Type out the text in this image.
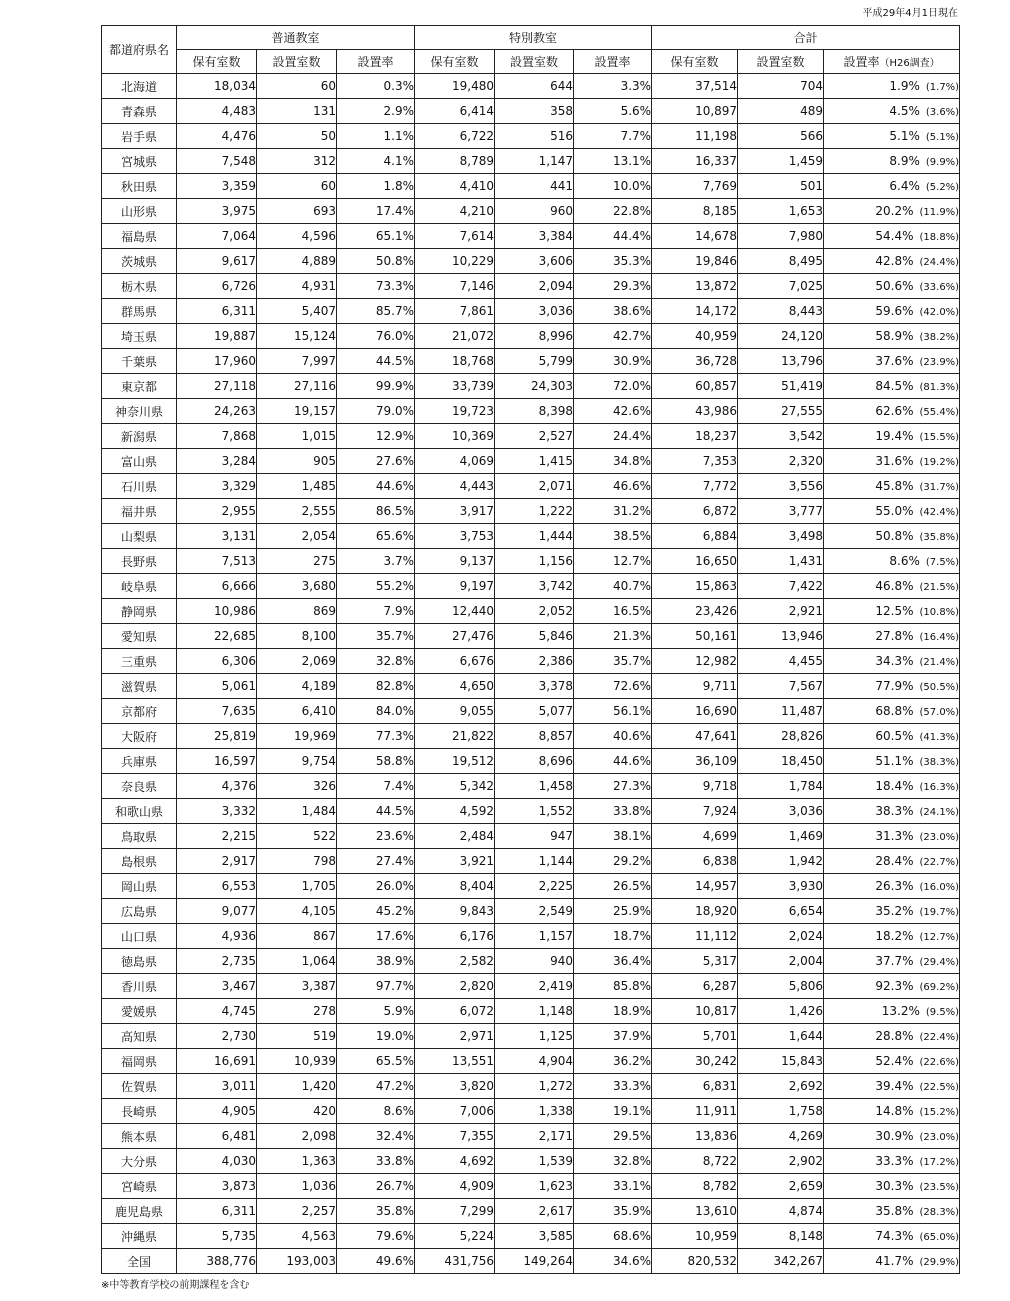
平成29年4月1日現在
都道府県名	普通教室			特別教室			合計		
	保有室数	設置室数	設置率	保有室数	設置室数	設置率	保有室数	設置室数	設置率（H26調査）
北海道	18,034	60	0.3%	19,480	644	3.3%	37,514	704	1.9% (1.7%)
青森県	4,483	131	2.9%	6,414	358	5.6%	10,897	489	4.5% (3.6%)
岩手県	4,476	50	1.1%	6,722	516	7.7%	11,198	566	5.1% (5.1%)
宮城県	7,548	312	4.1%	8,789	1,147	13.1%	16,337	1,459	8.9% (9.9%)
秋田県	3,359	60	1.8%	4,410	441	10.0%	7,769	501	6.4% (5.2%)
山形県	3,975	693	17.4%	4,210	960	22.8%	8,185	1,653	20.2% (11.9%)
福島県	7,064	4,596	65.1%	7,614	3,384	44.4%	14,678	7,980	54.4% (18.8%)
茨城県	9,617	4,889	50.8%	10,229	3,606	35.3%	19,846	8,495	42.8% (24.4%)
栃木県	6,726	4,931	73.3%	7,146	2,094	29.3%	13,872	7,025	50.6% (33.6%)
群馬県	6,311	5,407	85.7%	7,861	3,036	38.6%	14,172	8,443	59.6% (42.0%)
埼玉県	19,887	15,124	76.0%	21,072	8,996	42.7%	40,959	24,120	58.9% (38.2%)
千葉県	17,960	7,997	44.5%	18,768	5,799	30.9%	36,728	13,796	37.6% (23.9%)
東京都	27,118	27,116	99.9%	33,739	24,303	72.0%	60,857	51,419	84.5% (81.3%)
神奈川県	24,263	19,157	79.0%	19,723	8,398	42.6%	43,986	27,555	62.6% (55.4%)
新潟県	7,868	1,015	12.9%	10,369	2,527	24.4%	18,237	3,542	19.4% (15.5%)
富山県	3,284	905	27.6%	4,069	1,415	34.8%	7,353	2,320	31.6% (19.2%)
石川県	3,329	1,485	44.6%	4,443	2,071	46.6%	7,772	3,556	45.8% (31.7%)
福井県	2,955	2,555	86.5%	3,917	1,222	31.2%	6,872	3,777	55.0% (42.4%)
山梨県	3,131	2,054	65.6%	3,753	1,444	38.5%	6,884	3,498	50.8% (35.8%)
長野県	7,513	275	3.7%	9,137	1,156	12.7%	16,650	1,431	8.6% (7.5%)
岐阜県	6,666	3,680	55.2%	9,197	3,742	40.7%	15,863	7,422	46.8% (21.5%)
静岡県	10,986	869	7.9%	12,440	2,052	16.5%	23,426	2,921	12.5% (10.8%)
愛知県	22,685	8,100	35.7%	27,476	5,846	21.3%	50,161	13,946	27.8% (16.4%)
三重県	6,306	2,069	32.8%	6,676	2,386	35.7%	12,982	4,455	34.3% (21.4%)
滋賀県	5,061	4,189	82.8%	4,650	3,378	72.6%	9,711	7,567	77.9% (50.5%)
京都府	7,635	6,410	84.0%	9,055	5,077	56.1%	16,690	11,487	68.8% (57.0%)
大阪府	25,819	19,969	77.3%	21,822	8,857	40.6%	47,641	28,826	60.5% (41.3%)
兵庫県	16,597	9,754	58.8%	19,512	8,696	44.6%	36,109	18,450	51.1% (38.3%)
奈良県	4,376	326	7.4%	5,342	1,458	27.3%	9,718	1,784	18.4% (16.3%)
和歌山県	3,332	1,484	44.5%	4,592	1,552	33.8%	7,924	3,036	38.3% (24.1%)
鳥取県	2,215	522	23.6%	2,484	947	38.1%	4,699	1,469	31.3% (23.0%)
島根県	2,917	798	27.4%	3,921	1,144	29.2%	6,838	1,942	28.4% (22.7%)
岡山県	6,553	1,705	26.0%	8,404	2,225	26.5%	14,957	3,930	26.3% (16.0%)
広島県	9,077	4,105	45.2%	9,843	2,549	25.9%	18,920	6,654	35.2% (19.7%)
山口県	4,936	867	17.6%	6,176	1,157	18.7%	11,112	2,024	18.2% (12.7%)
徳島県	2,735	1,064	38.9%	2,582	940	36.4%	5,317	2,004	37.7% (29.4%)
香川県	3,467	3,387	97.7%	2,820	2,419	85.8%	6,287	5,806	92.3% (69.2%)
愛媛県	4,745	278	5.9%	6,072	1,148	18.9%	10,817	1,426	13.2% (9.5%)
高知県	2,730	519	19.0%	2,971	1,125	37.9%	5,701	1,644	28.8% (22.4%)
福岡県	16,691	10,939	65.5%	13,551	4,904	36.2%	30,242	15,843	52.4% (22.6%)
佐賀県	3,011	1,420	47.2%	3,820	1,272	33.3%	6,831	2,692	39.4% (22.5%)
長崎県	4,905	420	8.6%	7,006	1,338	19.1%	11,911	1,758	14.8% (15.2%)
熊本県	6,481	2,098	32.4%	7,355	2,171	29.5%	13,836	4,269	30.9% (23.0%)
大分県	4,030	1,363	33.8%	4,692	1,539	32.8%	8,722	2,902	33.3% (17.2%)
宮崎県	3,873	1,036	26.7%	4,909	1,623	33.1%	8,782	2,659	30.3% (23.5%)
鹿児島県	6,311	2,257	35.8%	7,299	2,617	35.9%	13,610	4,874	35.8% (28.3%)
沖縄県	5,735	4,563	79.6%	5,224	3,585	68.6%	10,959	8,148	74.3% (65.0%)
全国	388,776	193,003	49.6%	431,756	149,264	34.6%	820,532	342,267	41.7% (29.9%)
※中等教育学校の前期課程を含む
